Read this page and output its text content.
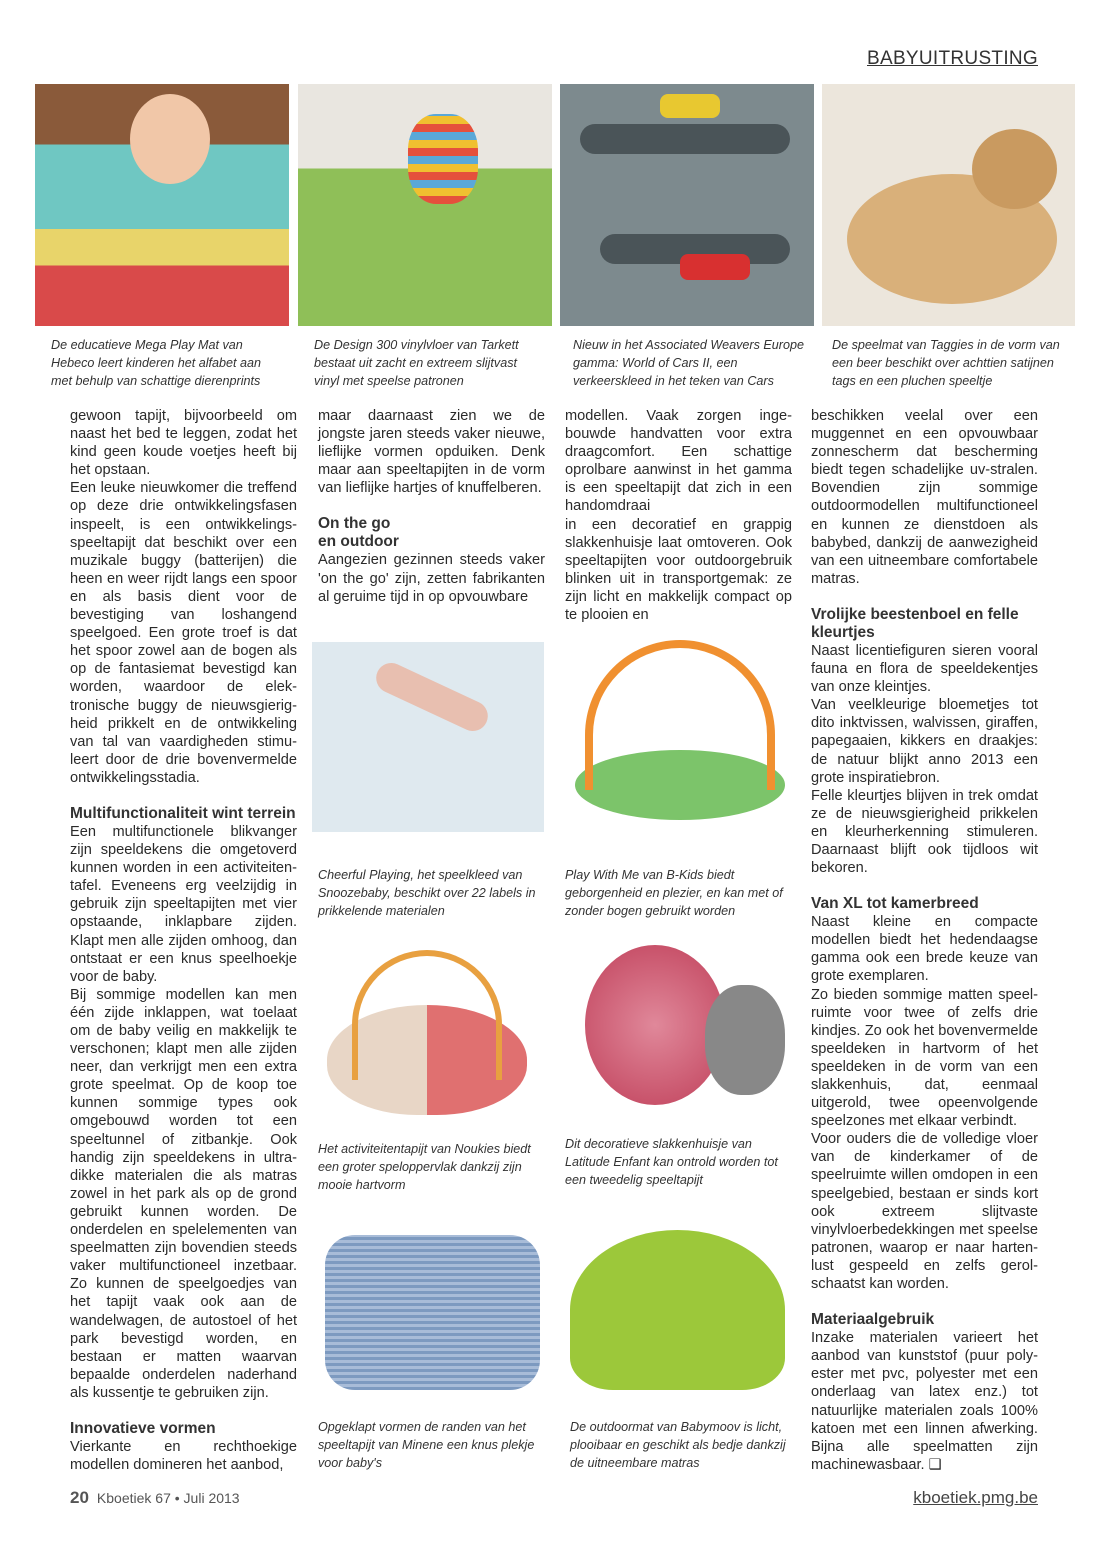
BABYUITRUSTING
De educatieve Mega Play Mat van Hebeco leert kinderen het alfabet aan met behulp van schattige dierenprints
De Design 300 vinylvloer van Tarkett bestaat uit zacht en extreem slijtvast vinyl met speelse patronen
Nieuw in het Associated Weavers Europe gamma: World of Cars II, een verkeerskleed in het teken van Cars
De speelmat van Taggies in de vorm van een beer beschikt over achttien satijnen tags en een pluchen speeltje

gewoon tapijt, bijvoorbeeld om naast het bed te leggen, zodat het kind geen koude voetjes heeft bij het opstaan.

Een leuke nieuwkomer die treffend op deze drie ontwikkelingsfasen inspeelt, is een ontwikkelingsspeeltapijt dat beschikt over een muzikale buggy (batterijen) die heen en weer rijdt langs een spoor en als basis dient voor de bevestiging van loshangend speelgoed. Een grote troef is dat het spoor zowel aan de bogen als op de fantasiemat bevestigd kan worden, waardoor de elektronische buggy de nieuwsgierigheid prikkelt en de ontwikkeling van tal van vaardigheden stimuleert door de drie bovenvermelde ontwikkelingsstadia.

Multifunctionaliteit wint terrein

Een multifunctionele blikvanger zijn speeldekens die omgetoverd kunnen worden in een activiteitentafel. Eveneens erg veelzijdig in gebruik zijn speeltapijten met vier opstaande, inklapbare zijden. Klapt men alle zijden omhoog, dan ontstaat er een knus speelhoekje voor de baby.

Bij sommige modellen kan men één zijde inklappen, wat toelaat om de baby veilig en makkelijk te verschonen; klapt men alle zijden neer, dan verkrijgt men een extra grote speelmat. Op de koop toe kunnen sommige types ook omgebouwd worden tot een speeltunnel of zitbankje. Ook handig zijn speeldekens in ultradikke materialen die als matras zowel in het park als op de grond gebruikt kunnen worden. De onderdelen en spelelementen van speelmatten zijn bovendien steeds vaker multifunctioneel inzetbaar. Zo kunnen de speelgoedjes van het tapijt vaak ook aan de wandelwagen, de autostoel of het park bevestigd worden, en bestaan er matten waarvan bepaalde onderdelen naderhand als kussentje te gebruiken zijn.

Innovatieve vormen

Vierkante en rechthoekige modellen domineren het aanbod,

maar daarnaast zien we de jongste jaren steeds vaker nieuwe, lieflijke vormen opduiken. Denk maar aan speeltapijten in de vorm van lieflijke hartjes of knuffelberen.

On the go
en outdoor

Aangezien gezinnen steeds vaker 'on the go' zijn, zetten fabrikanten al geruime tijd in op opvouwbare

modellen. Vaak zorgen ingebouwde handvatten voor extra draagcomfort. Een schattige oprolbare aanwinst in het gamma is een speeltapijt dat zich in een handomdraai

in een decoratief en grappig slakkenhuisje laat omtoveren. Ook speeltapijten voor outdoorgebruik blinken uit in transportgemak: ze zijn licht en makkelijk compact op te plooien en

Cheerful Playing, het speelkleed van Snoozebaby, beschikt over 22 labels in prikkelende materialen
Play With Me van B-Kids biedt geborgenheid en plezier, en kan met of zonder bogen gebruikt worden
Het activiteitentapijt van Noukies biedt een groter speloppervlak dankzij zijn mooie hartvorm
Dit decoratieve slakkenhuisje van Latitude Enfant kan ontrold worden tot een tweedelig speeltapijt
Opgeklapt vormen de randen van het speeltapijt van Minene een knus plekje voor baby's
De outdoormat van Babymoov is licht, plooibaar en geschikt als bedje dankzij de uitneembare matras

beschikken veelal over een muggennet en een opvouwbaar zonnescherm dat bescherming biedt tegen schadelijke uv-stralen. Bovendien zijn sommige outdoormodellen multifunctioneel en kunnen ze dienstdoen als babybed, dankzij de aanwezigheid van een uitneembare comfortabele matras.

Vrolijke beestenboel en felle kleurtjes

Naast licentiefiguren sieren vooral fauna en flora de speeldekentjes van onze kleintjes.

Van veelkleurige bloemetjes tot dito inktvissen, walvissen, giraffen, papegaaien, kikkers en draakjes: de natuur blijkt anno 2013 een grote inspiratiebron.

Felle kleurtjes blijven in trek omdat ze de nieuwsgierigheid prikkelen en kleurherkenning stimuleren. Daarnaast blijft ook tijdloos wit bekoren.

Van XL tot kamerbreed

Naast kleine en compacte modellen biedt het hedendaagse gamma ook een brede keuze van grote exemplaren.

Zo bieden sommige matten speelruimte voor twee of zelfs drie kindjes. Zo ook het bovenvermelde speeldeken in hartvorm of het speeldeken in de vorm van een slakkenhuis, dat, eenmaal uitgerold, twee opeenvolgende speelzones met elkaar verbindt.

Voor ouders die de volledige vloer van de kinderkamer of de speelruimte willen omdopen in een speelgebied, bestaan er sinds kort ook extreem slijtvaste vinylvloerbedekkingen met speelse patronen, waarop er naar hartenlust gespeeld en zelfs gerolschaatst kan worden.

Materiaalgebruik

Inzake materialen varieert het aanbod van kunststof (puur polyester met pvc, polyester met een onderlaag van latex enz.) tot natuurlijke materialen zoals 100% katoen met een linnen afwerking. Bijna alle speelmatten zijn machinewasbaar. ❑

20 Kboetiek 67 • Juli 2013	kboetiek.pmg.be
